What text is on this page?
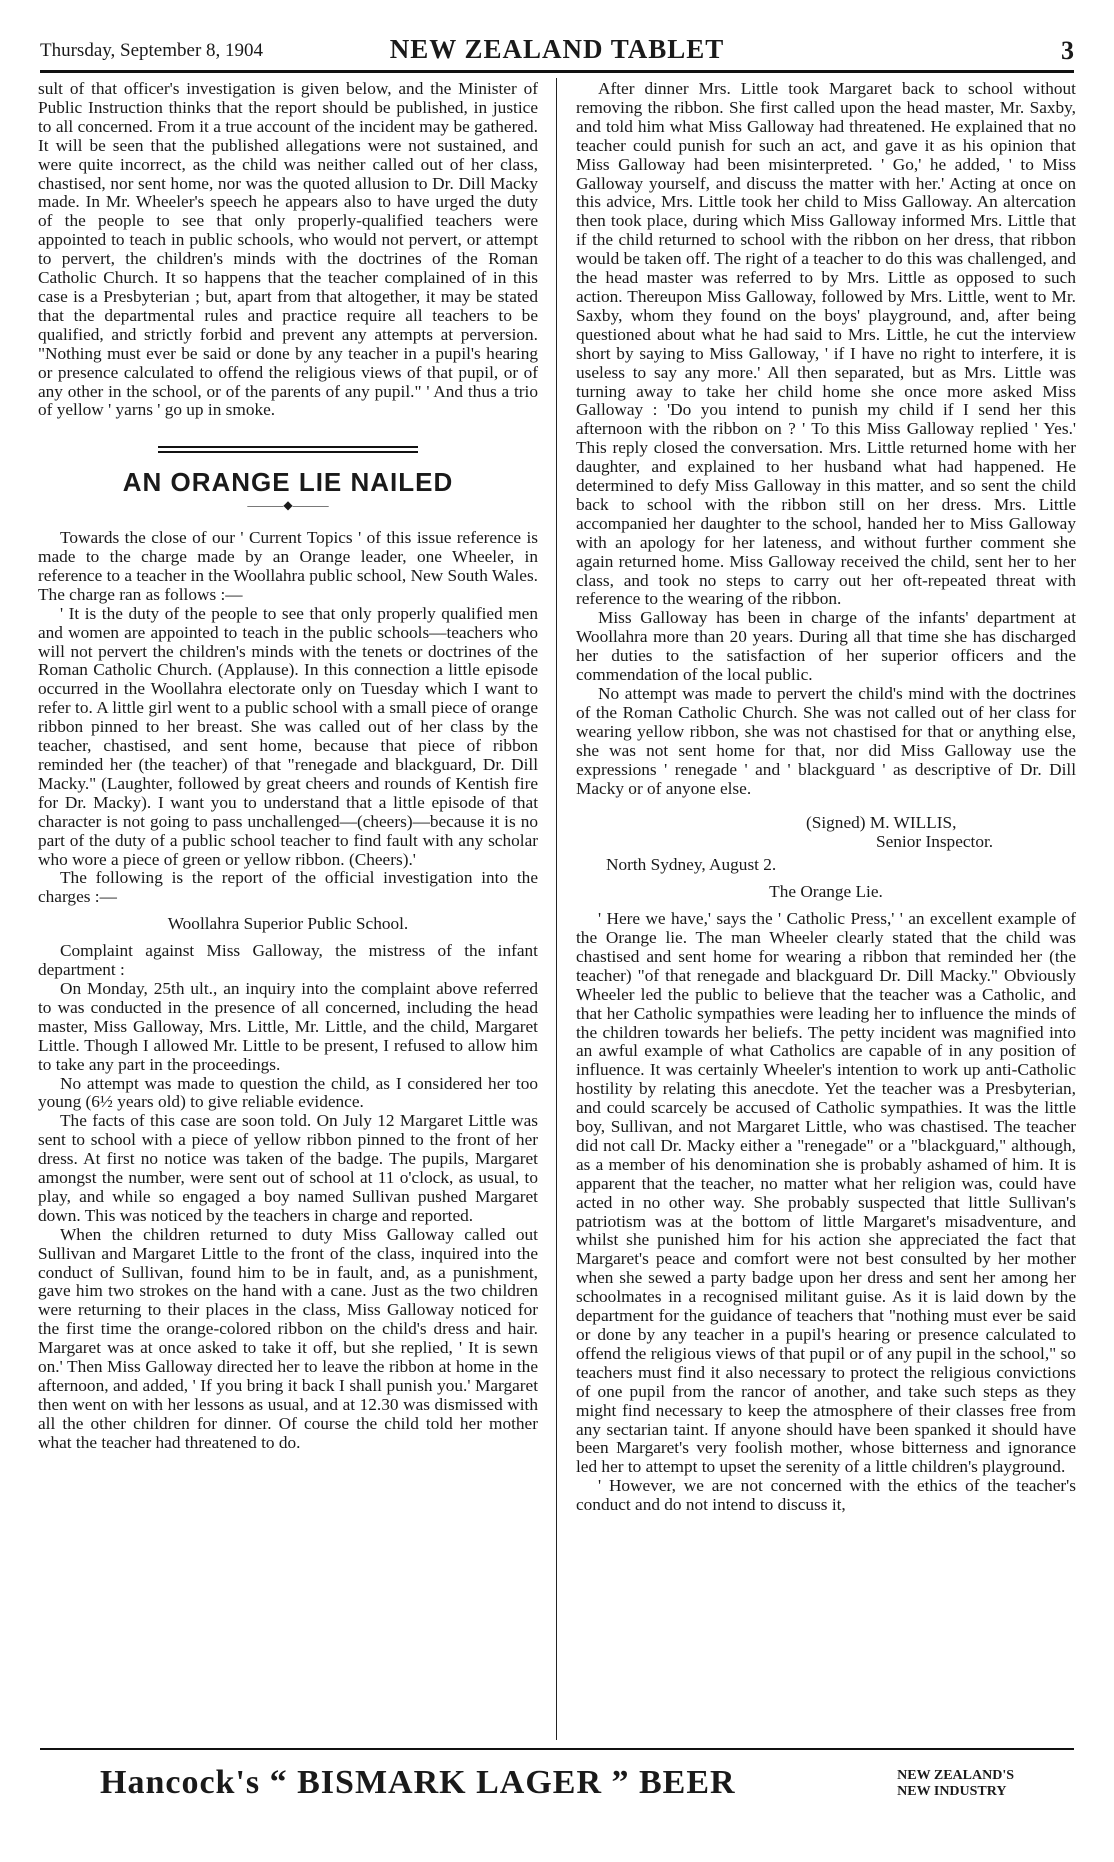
Thursday, September 8, 1904	NEW ZEALAND TABLET	3

sult of that officer's investigation is given below, and the Minister of Public Instruction thinks that the report should be published, in justice to all concerned. From it a true account of the incident may be gathered. It will be seen that the published allegations were not sustained, and were quite incorrect, as the child was neither called out of her class, chastised, nor sent home, nor was the quoted allusion to Dr. Dill Macky made. In Mr. Wheeler's speech he appears also to have urged the duty of the people to see that only properly-qualified teachers were appointed to teach in public schools, who would not pervert, or attempt to pervert, the children's minds with the doctrines of the Roman Catholic Church. It so happens that the teacher complained of in this case is a Presbyterian ; but, apart from that altogether, it may be stated that the departmental rules and practice require all teachers to be qualified, and strictly forbid and prevent any attempts at perversion. "Nothing must ever be said or done by any teacher in a pupil's hearing or presence calculated to offend the religious views of that pupil, or of any other in the school, or of the parents of any pupil." ' And thus a trio of yellow ' yarns ' go up in smoke.

AN ORANGE LIE NAILED
———◆———

Towards the close of our ' Current Topics ' of this issue reference is made to the charge made by an Orange leader, one Wheeler, in reference to a teacher in the Woollahra public school, New South Wales. The charge ran as follows :—

' It is the duty of the people to see that only properly qualified men and women are appointed to teach in the public schools—teachers who will not pervert the children's minds with the tenets or doctrines of the Roman Catholic Church. (Applause). In this connection a little episode occurred in the Woollahra electorate only on Tuesday which I want to refer to. A little girl went to a public school with a small piece of orange ribbon pinned to her breast. She was called out of her class by the teacher, chastised, and sent home, because that piece of ribbon reminded her (the teacher) of that "renegade and blackguard, Dr. Dill Macky." (Laughter, followed by great cheers and rounds of Kentish fire for Dr. Macky). I want you to understand that a little episode of that character is not going to pass unchallenged—(cheers)—because it is no part of the duty of a public school teacher to find fault with any scholar who wore a piece of green or yellow ribbon. (Cheers).'

The following is the report of the official investigation into the charges :—

Woollahra Superior Public School.

Complaint against Miss Galloway, the mistress of the infant department :

On Monday, 25th ult., an inquiry into the complaint above referred to was conducted in the presence of all concerned, including the head master, Miss Galloway, Mrs. Little, Mr. Little, and the child, Margaret Little. Though I allowed Mr. Little to be present, I refused to allow him to take any part in the proceedings.

No attempt was made to question the child, as I considered her too young (6½ years old) to give reliable evidence.

The facts of this case are soon told. On July 12 Margaret Little was sent to school with a piece of yellow ribbon pinned to the front of her dress. At first no notice was taken of the badge. The pupils, Margaret amongst the number, were sent out of school at 11 o'clock, as usual, to play, and while so engaged a boy named Sullivan pushed Margaret down. This was noticed by the teachers in charge and reported.

When the children returned to duty Miss Galloway called out Sullivan and Margaret Little to the front of the class, inquired into the conduct of Sullivan, found him to be in fault, and, as a punishment, gave him two strokes on the hand with a cane. Just as the two children were returning to their places in the class, Miss Galloway noticed for the first time the orange-colored ribbon on the child's dress and hair. Margaret was at once asked to take it off, but she replied, ' It is sewn on.' Then Miss Galloway directed her to leave the ribbon at home in the afternoon, and added, ' If you bring it back I shall punish you.' Margaret then went on with her lessons as usual, and at 12.30 was dismissed with all the other children for dinner. Of course the child told her mother what the teacher had threatened to do.

After dinner Mrs. Little took Margaret back to school without removing the ribbon. She first called upon the head master, Mr. Saxby, and told him what Miss Galloway had threatened. He explained that no teacher could punish for such an act, and gave it as his opinion that Miss Galloway had been misinterpreted. ' Go,' he added, ' to Miss Galloway yourself, and discuss the matter with her.' Acting at once on this advice, Mrs. Little took her child to Miss Galloway. An altercation then took place, during which Miss Galloway informed Mrs. Little that if the child returned to school with the ribbon on her dress, that ribbon would be taken off. The right of a teacher to do this was challenged, and the head master was referred to by Mrs. Little as opposed to such action. Thereupon Miss Galloway, followed by Mrs. Little, went to Mr. Saxby, whom they found on the boys' playground, and, after being questioned about what he had said to Mrs. Little, he cut the interview short by saying to Miss Galloway, ' if I have no right to interfere, it is useless to say any more.' All then separated, but as Mrs. Little was turning away to take her child home she once more asked Miss Galloway : 'Do you intend to punish my child if I send her this afternoon with the ribbon on ? ' To this Miss Galloway replied ' Yes.' This reply closed the conversation. Mrs. Little returned home with her daughter, and explained to her husband what had happened. He determined to defy Miss Galloway in this matter, and so sent the child back to school with the ribbon still on her dress. Mrs. Little accompanied her daughter to the school, handed her to Miss Galloway with an apology for her lateness, and without further comment she again returned home. Miss Galloway received the child, sent her to her class, and took no steps to carry out her oft-repeated threat with reference to the wearing of the ribbon.

Miss Galloway has been in charge of the infants' department at Woollahra more than 20 years. During all that time she has discharged her duties to the satisfaction of her superior officers and the commendation of the local public.

No attempt was made to pervert the child's mind with the doctrines of the Roman Catholic Church. She was not called out of her class for wearing yellow ribbon, she was not chastised for that or anything else, she was not sent home for that, nor did Miss Galloway use the expressions ' renegade ' and ' blackguard ' as descriptive of Dr. Dill Macky or of anyone else.

(Signed) M. WILLIS,

Senior Inspector.

North Sydney, August 2.

The Orange Lie.

' Here we have,' says the ' Catholic Press,' ' an excellent example of the Orange lie. The man Wheeler clearly stated that the child was chastised and sent home for wearing a ribbon that reminded her (the teacher) "of that renegade and blackguard Dr. Dill Macky." Obviously Wheeler led the public to believe that the teacher was a Catholic, and that her Catholic sympathies were leading her to influence the minds of the children towards her beliefs. The petty incident was magnified into an awful example of what Catholics are capable of in any position of influence. It was certainly Wheeler's intention to work up anti-Catholic hostility by relating this anecdote. Yet the teacher was a Presbyterian, and could scarcely be accused of Catholic sympathies. It was the little boy, Sullivan, and not Margaret Little, who was chastised. The teacher did not call Dr. Macky either a "renegade" or a "blackguard," although, as a member of his denomination she is probably ashamed of him. It is apparent that the teacher, no matter what her religion was, could have acted in no other way. She probably suspected that little Sullivan's patriotism was at the bottom of little Margaret's misadventure, and whilst she punished him for his action she appreciated the fact that Margaret's peace and comfort were not best consulted by her mother when she sewed a party badge upon her dress and sent her among her schoolmates in a recognised militant guise. As it is laid down by the department for the guidance of teachers that "nothing must ever be said or done by any teacher in a pupil's hearing or presence calculated to offend the religious views of that pupil or of any pupil in the school," so teachers must find it also necessary to protect the religious convictions of one pupil from the rancor of another, and take such steps as they might find necessary to keep the atmosphere of their classes free from any sectarian taint. If anyone should have been spanked it should have been Margaret's very foolish mother, whose bitterness and ignorance led her to attempt to upset the serenity of a little children's playground.

' However, we are not concerned with the ethics of the teacher's conduct and do not intend to discuss it,

Hancock's “ BISMARK LAGER ” BEER	NEW ZEALAND'S
NEW INDUSTRY
